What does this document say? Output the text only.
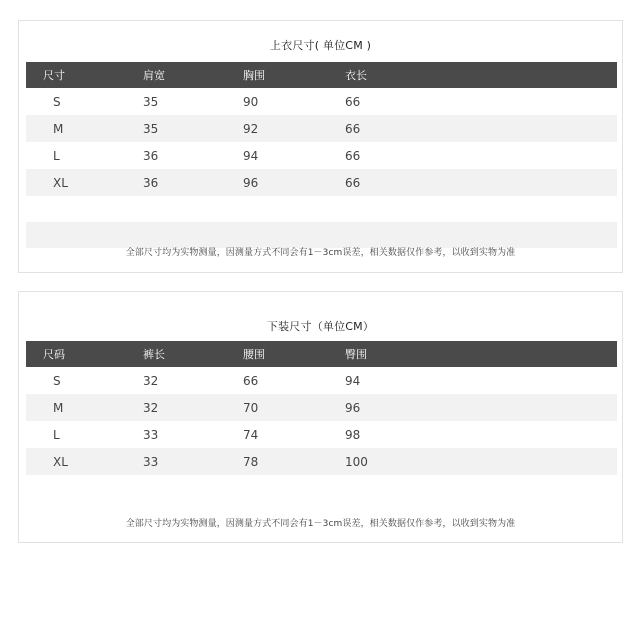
上衣尺寸( 单位CM )
尺寸	肩宽	胸围	衣长
S	35	90	66
M	35	92	66
L	36	94	66
XL	36	96	66

全部尺寸均为实物测量，因测量方式不同会有1－3cm误差，相关数据仅作参考，以收到实物为准
下装尺寸（单位CM）
尺码	裤长	腰围	臀围
S	32	66	94
M	32	70	96
L	33	74	98
XL	33	78	100

全部尺寸均为实物测量，因测量方式不同会有1－3cm误差，相关数据仅作参考，以收到实物为准
